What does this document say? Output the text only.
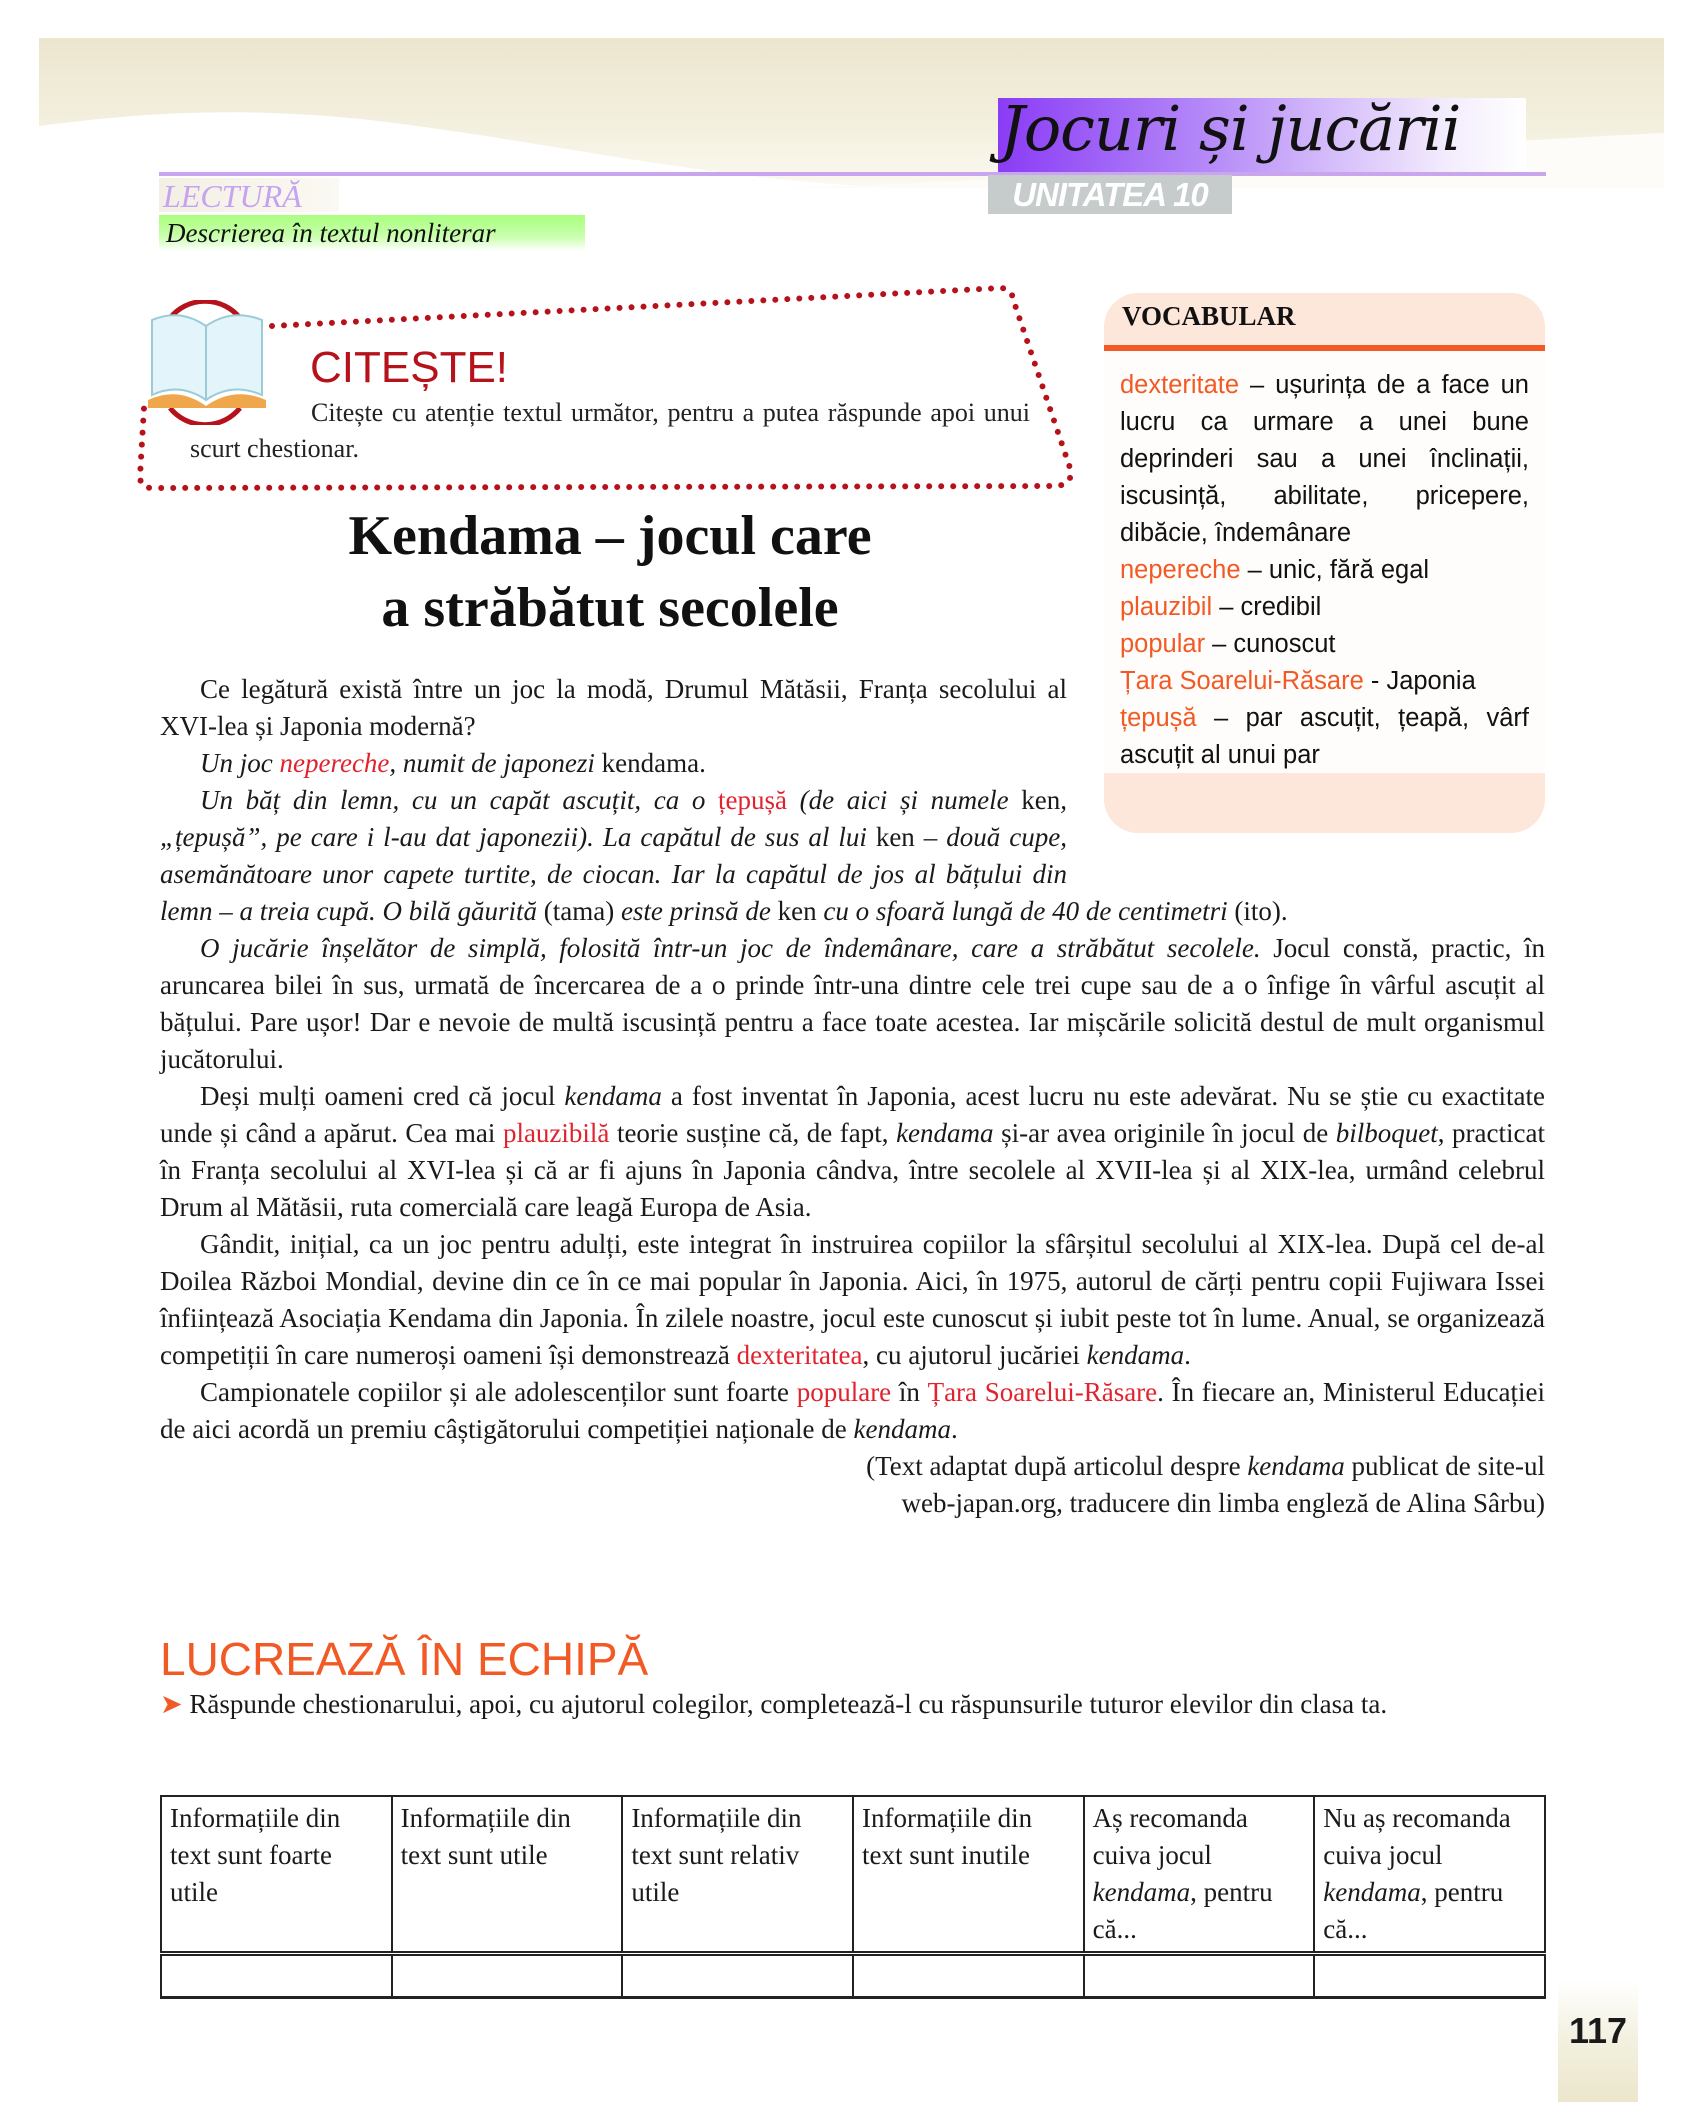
Jocuri și jucării
LECTURĂ
Descrierea în textul nonliterar
UNITATEA 10
CITEȘTE!
Citește cu atenție textul următor, pentru a putea răspunde apoi unui scurt chestionar.
Kendama – jocul care
a străbătut secolele
VOCABULAR
dexteritate – ușurința de a face un lucru ca urmare a unei bune deprinderi sau a unei înclinații, iscusință, abilitate, pricepere, dibăcie, îndemânare
nepereche – unic, fără egal
plauzibil – credibil
popular – cunoscut
Țara Soarelui-Răsare - Japonia
țepușă – par ascuțit, țeapă, vârf ascuțit al unui par

Ce legătură există între un joc la modă, Drumul Mătăsii, Franța secolului al XVI-lea și Japonia modernă?

Un joc nepereche, numit de japonezi kendama.

Un băț din lemn, cu un capăt ascuțit, ca o țepușă (de aici și numele ken, „țepușă”, pe care i l-au dat japonezii). La capătul de sus al lui ken – două cupe, asemănătoare unor capete turtite, de ciocan. Iar la capătul de jos al bățului din lemn – a treia cupă. O bilă găurită (tama) este prinsă de ken cu o sfoară lungă de 40 de centimetri (ito).

O jucărie înșelător de simplă, folosită într-un joc de îndemânare, care a străbătut secolele. Jocul constă, practic, în aruncarea bilei în sus, urmată de încercarea de a o prinde într-una dintre cele trei cupe sau de a o înfige în vârful ascuțit al bățului. Pare ușor! Dar e nevoie de multă iscusință pentru a face toate acestea. Iar mișcările solicită destul de mult organismul jucătorului.

Deși mulți oameni cred că jocul kendama a fost inventat în Japonia, acest lucru nu este adevărat. Nu se știe cu exactitate unde și când a apărut. Cea mai plauzibilă teorie susține că, de fapt, kendama și-ar avea originile în jocul de bilboquet, practicat în Franța secolului al XVI-lea și că ar fi ajuns în Japonia cândva, între secolele al XVII-lea și al XIX-lea, urmând celebrul Drum al Mătăsii, ruta comercială care leagă Europa de Asia.

Gândit, inițial, ca un joc pentru adulți, este integrat în instruirea copiilor la sfârșitul secolului al XIX-lea. După cel de-al Doilea Război Mondial, devine din ce în ce mai popular în Japonia. Aici, în 1975, autorul de cărți pentru copii Fujiwara Issei înființează Asociația Kendama din Japonia. În zilele noastre, jocul este cunoscut și iubit peste tot în lume. Anual, se organizează competiții în care numeroși oameni își demonstrează dexteritatea, cu ajutorul jucăriei kendama.

Campionatele copiilor și ale adolescenților sunt foarte populare în Țara Soarelui-Răsare. În fiecare an, Ministerul Educației de aici acordă un premiu câștigătorului competiției naționale de kendama.

(Text adaptat după articolul despre kendama publicat de site-ul
web-japan.org, traducere din limba engleză de Alina Sârbu)

LUCREAZĂ ÎN ECHIPĂ
➤ Răspunde chestionarului, apoi, cu ajutorul colegilor, completează-l cu răspunsurile tuturor elevilor din clasa ta.
Informațiile din text sunt foarte utile	Informațiile din text sunt utile	Informațiile din text sunt relativ utile	Informațiile din text sunt inutile	Aș recomanda cuiva jocul kendama, pentru că...	Nu aș recomanda cuiva jocul kendama, pentru că...

117
